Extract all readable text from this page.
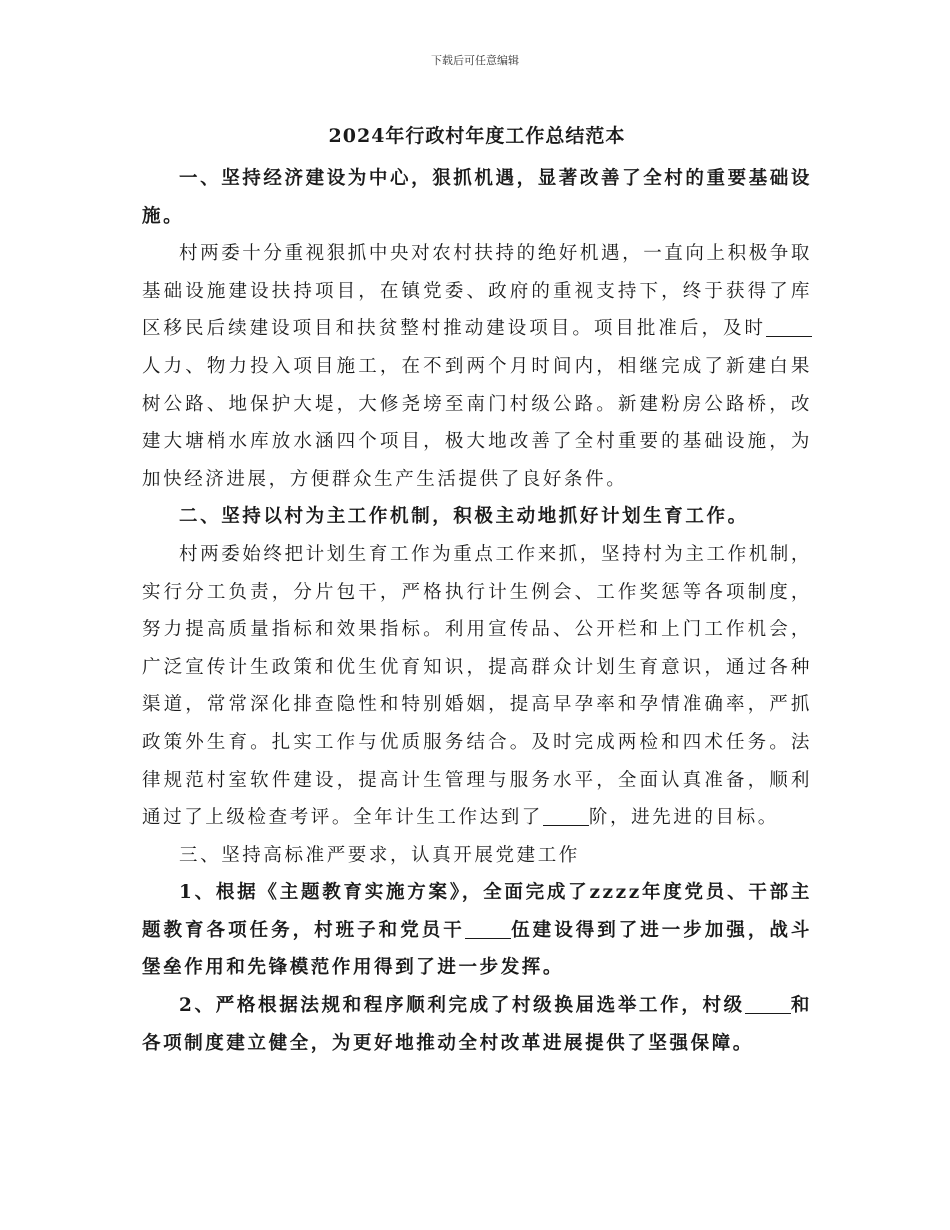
下载后可任意编辑
2024年行政村年度工作总结范本

一、坚持经济建设为中心，狠抓机遇，显著改善了全村的重要基础设施。

村两委十分重视狠抓中央对农村扶持的绝好机遇，一直向上积极争取基础设施建设扶持项目，在镇党委、政府的重视支持下，终于获得了库区移民后续建设项目和扶贫整村推动建设项目。项目批准后，及时人力、物力投入项目施工，在不到两个月时间内，相继完成了新建白果树公路、地保护大堤，大修尧塝至南门村级公路。新建粉房公路桥，改建大塘梢水库放水涵四个项目，极大地改善了全村重要的基础设施，为加快经济进展，方便群众生产生活提供了良好条件。

二、坚持以村为主工作机制，积极主动地抓好计划生育工作。

村两委始终把计划生育工作为重点工作来抓，坚持村为主工作机制，实行分工负责，分片包干，严格执行计生例会、工作奖惩等各项制度，努力提高质量指标和效果指标。利用宣传品、公开栏和上门工作机会，广泛宣传计生政策和优生优育知识，提高群众计划生育意识，通过各种渠道，常常深化排查隐性和特别婚姻，提高早孕率和孕情准确率，严抓政策外生育。扎实工作与优质服务结合。及时完成两检和四术任务。法律规范村室软件建设，提高计生管理与服务水平，全面认真准备，顺利通过了上级检查考评。全年计生工作达到了 阶，进先进的目标。

三、坚持高标准严要求，认真开展党建工作

1、根据《主题教育实施方案》，全面完成了zzzz年度党员、干部主题教育各项任务，村班子和党员干 伍建设得到了进一步加强，战斗堡垒作用和先锋模范作用得到了进一步发挥。

2、严格根据法规和程序顺利完成了村级换届选举工作，村级 和各项制度建立健全，为更好地推动全村改革进展提供了坚强保障。
